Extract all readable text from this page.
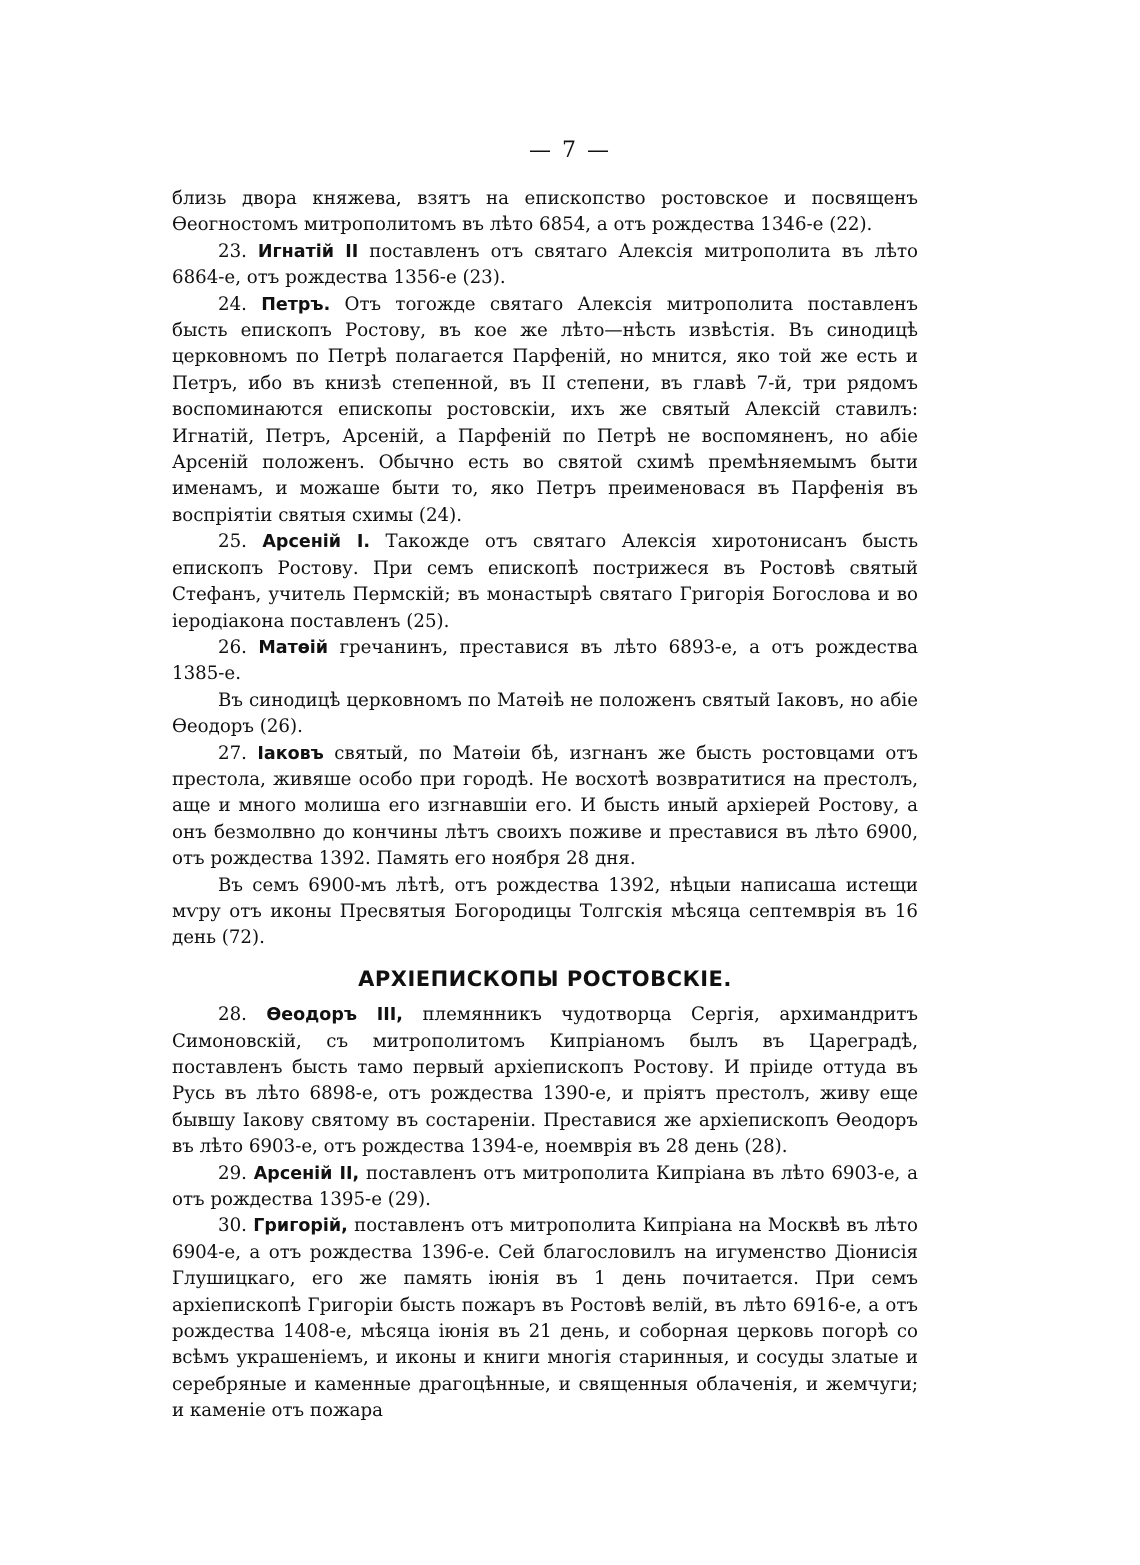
— 7 —

близь двора княжева, взятъ на епископство ростовское и посвященъ Өеогностомъ митрополитомъ въ лѣто 6854, а отъ рождества 1346-е (22).

23. Игнатій II поставленъ отъ святаго Алексія митрополита въ лѣто 6864-е, отъ рождества 1356-е (23).

24. Петръ. Отъ тогожде святаго Алексія митрополита поставленъ бысть епископъ Ростову, въ кое же лѣто—нѣсть извѣстія. Въ синодицѣ церковномъ по Петрѣ полагается Парфеній, но мнится, яко той же есть и Петръ, ибо въ книзѣ степенной, въ II степени, въ главѣ 7-й, три рядомъ воспоминаются епископы ростовскіи, ихъ же святый Алексій ставилъ: Игнатій, Петръ, Арсеній, а Парфеній по Петрѣ не воспомяненъ, но абіе Арсеній положенъ. Обычно есть во святой схимѣ премѣняемымъ быти именамъ, и можаше быти то, яко Петръ преименовася въ Парфенія въ воспріятіи святыя схимы (24).

25. Арсеній I. Такожде отъ святаго Алексія хиротонисанъ бысть епископъ Ростову. При семъ епископѣ пострижеся въ Ростовѣ святый Стефанъ, учитель Пермскій; въ монастырѣ святаго Григорія Богослова и во іеродіакона поставленъ (25).

26. Матөій гречанинъ, преставися въ лѣто 6893-е, а отъ рождества 1385-е.

Въ синодицѣ церковномъ по Матөіѣ не положенъ святый Іаковъ, но абіе Өеодоръ (26).

27. Іаковъ святый, по Матөіи бѣ, изгнанъ же бысть ростовцами отъ престола, живяше особо при городѣ. Не восхотѣ возвратитися на престолъ, аще и много молиша его изгнавшіи его. И бысть иный архіерей Ростову, а онъ безмолвно до кончины лѣтъ своихъ поживе и преставися въ лѣто 6900, отъ рождества 1392. Память его ноября 28 дня.

Въ семъ 6900-мъ лѣтѣ, отъ рождества 1392, нѣцыи написаша истещи мѵру отъ иконы Пресвятыя Богородицы Толгскія мѣсяца септемврія въ 16 день (72).

АРХІЕПИСКОПЫ РОСТОВСКІЕ.

28. Өеодоръ III, племянникъ чудотворца Сергія, архимандритъ Симоновскій, съ митрополитомъ Кипріаномъ былъ въ Цареградѣ, поставленъ бысть тамо первый архіепископъ Ростову. И пріиде оттуда въ Русь въ лѣто 6898-е, отъ рождества 1390-е, и пріятъ престолъ, живу еще бывшу Іакову святому въ состареніи. Преставися же архіепископъ Өеодоръ въ лѣто 6903-е, отъ рождества 1394-е, ноемврія въ 28 день (28).

29. Арсеній II, поставленъ отъ митрополита Кипріана въ лѣто 6903-е, а отъ рождества 1395-е (29).

30. Григорій, поставленъ отъ митрополита Кипріана на Москвѣ въ лѣто 6904-е, а отъ рождества 1396-е. Сей благословилъ на игуменство Діонисія Глушицкаго, его же память іюнія въ 1 день почитается. При семъ архіепископѣ Григоріи бысть пожаръ въ Ростовѣ велій, въ лѣто 6916-е, а отъ рождества 1408-е, мѣсяца іюнія въ 21 день, и соборная церковь погорѣ со всѣмъ украшеніемъ, и иконы и книги многія старинныя, и сосуды златые и серебряные и каменные драгоцѣнные, и священныя облаченія, и жемчуги; и каменіе отъ пожара
